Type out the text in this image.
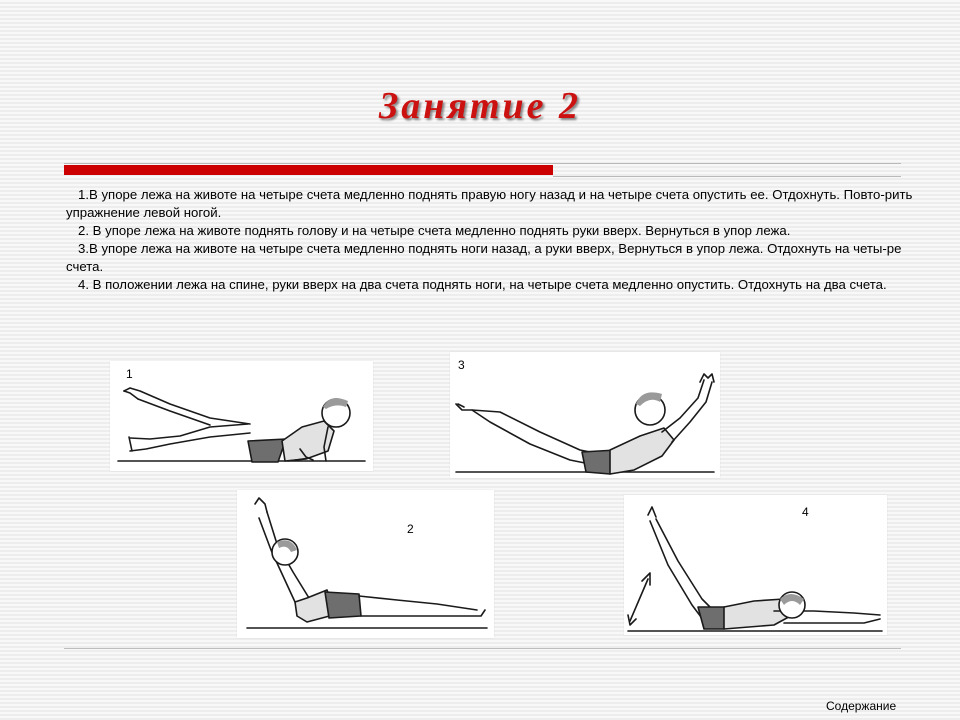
Занятие 2

1.В упоре лежа на животе на четыре счета медленно поднять правую ногу назад и на четыре счета опустить ее. Отдохнуть. Повто-рить упражнение левой ногой.

2. В упоре лежа на животе поднять голову и на четыре счета медленно поднять руки вверх. Вернуться в упор лежа.

3.В упоре лежа на животе на четыре счета медленно поднять ноги назад, а руки вверх, Вернуться в упор лежа. Отдохнуть на четы-ре счета.

4. В положении лежа на спине, руки вверх на два счета поднять ноги, на четыре счета медленно опустить. Отдохнуть на два счета.

1
3
2
4
Содержание
